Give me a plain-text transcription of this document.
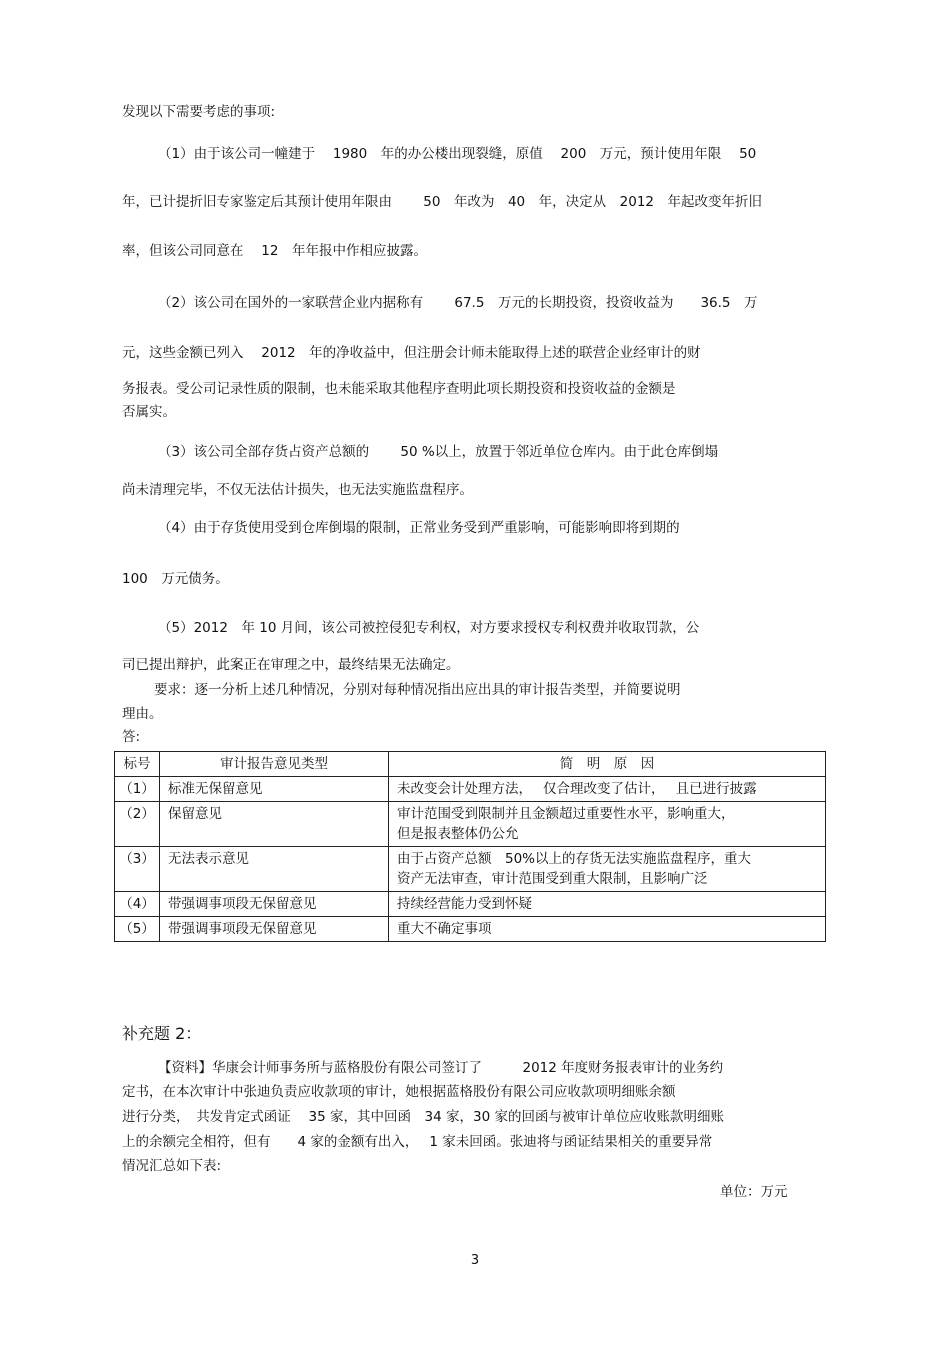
发现以下需要考虑的事项:
（1）由于该公司一幢建于　 1980　年的办公楼出现裂缝，原值　 200　万元，预计使用年限　 50
年，已计提折旧专家鉴定后其预计使用年限由　　 50　年改为　40　年，决定从　2012　年起改变年折旧
率，但该公司同意在　 12　年年报中作相应披露。
（2）该公司在国外的一家联营企业内据称有　　 67.5　万元的长期投资，投资收益为　　36.5　万
元，这些金额已列入　 2012　年的净收益中，但注册会计师未能取得上述的联营企业经审计的财
务报表。受公司记录性质的限制，也未能采取其他程序查明此项长期投资和投资收益的金额是
否属实。
（3）该公司全部存货占资产总额的　　 50 %以上，放置于邻近单位仓库内。由于此仓库倒塌
尚未清理完毕，不仅无法估计损失，也无法实施监盘程序。
（4）由于存货使用受到仓库倒塌的限制，正常业务受到严重影响，可能影响即将到期的
100　万元债务。
（5）2012　年 10 月间，该公司被控侵犯专利权，对方要求授权专利权费并收取罚款，公
司已提出辩护，此案正在审理之中，最终结果无法确定。
要求：逐一分析上述几种情况，分别对每种情况指出应出具的审计报告类型，并简要说明
理由。
答:
标号	审计报告意见类型	简　明　原　因
（1）	标准无保留意见	未改变会计处理方法，　 仅合理改变了估计，　 且已进行披露

（2）	保留意见	审计范围受到限制并且金额超过重要性水平，影响重大，
但是报表整体仍公允

（3）	无法表示意见	由于占资产总额　50%以上的存货无法实施监盘程序，重大
资产无法审查，审计范围受到重大限制，且影响广泛

（4）	带强调事项段无保留意见	持续经营能力受到怀疑

（5）	带强调事项段无保留意见	重大不确定事项
补充题 2：
【资料】华康会计师事务所与蓝格股份有限公司签订了　　　2012 年度财务报表审计的业务约
定书，在本次审计中张迪负责应收款项的审计，她根据蓝格股份有限公司应收款项明细账余额
进行分类，　共发肯定式函证　 35 家，其中回函　34 家，30 家的回函与被审计单位应收账款明细账
上的余额完全相符，但有　　4 家的金额有出入，　 1 家未回函。张迪将与函证结果相关的重要异常
情况汇总如下表:
单位：万元
3
